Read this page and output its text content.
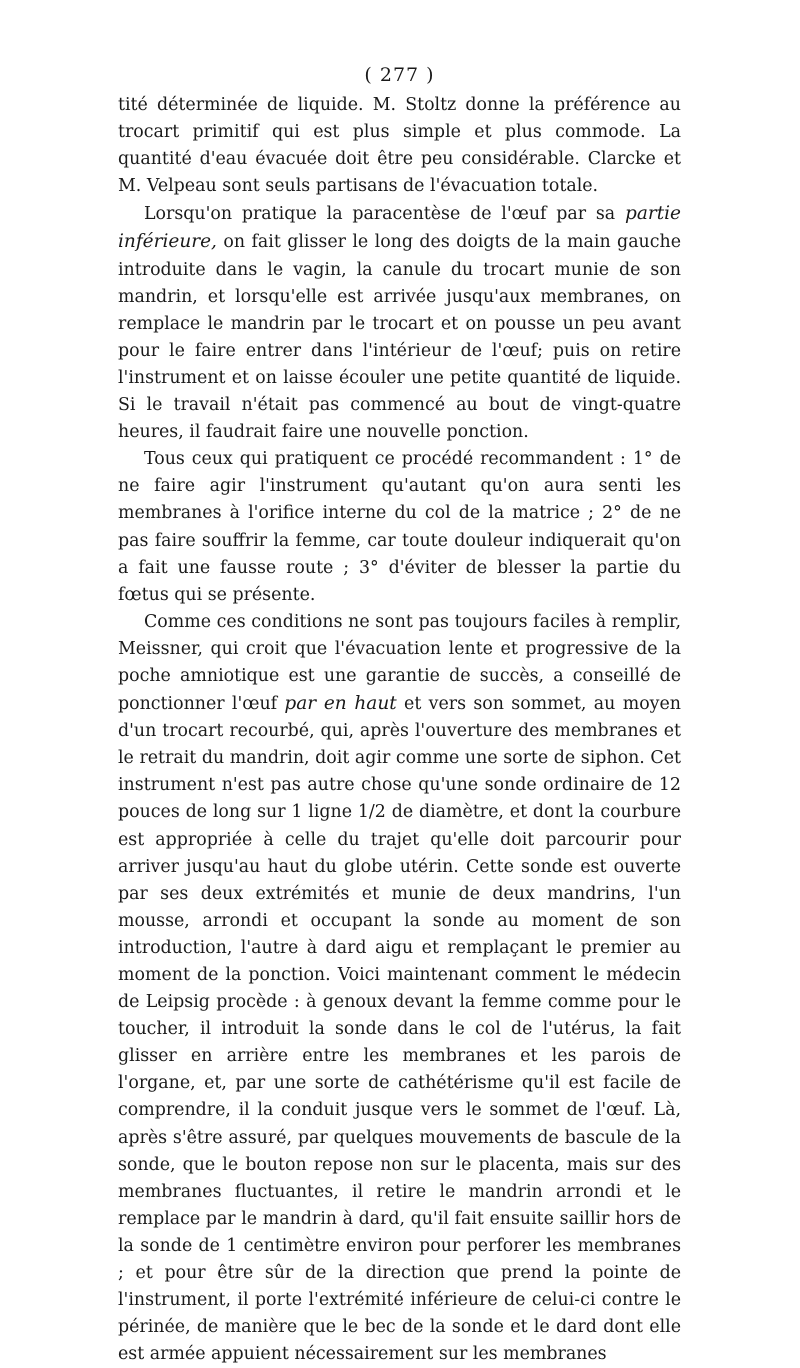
( 277 )

tité déterminée de liquide. M. Stoltz donne la préférence au trocart primitif qui est plus simple et plus commode. La quantité d'eau évacuée doit être peu considérable. Clarcke et M. Velpeau sont seuls partisans de l'évacuation totale.

Lorsqu'on pratique la paracentèse de l'œuf par sa partie inférieure, on fait glisser le long des doigts de la main gauche introduite dans le vagin, la canule du trocart munie de son mandrin, et lorsqu'elle est arrivée jusqu'aux membranes, on remplace le mandrin par le trocart et on pousse un peu avant pour le faire entrer dans l'intérieur de l'œuf; puis on retire l'instrument et on laisse écouler une petite quantité de liquide. Si le travail n'était pas commencé au bout de vingt-quatre heures, il faudrait faire une nouvelle ponction.

Tous ceux qui pratiquent ce procédé recommandent : 1° de ne faire agir l'instrument qu'autant qu'on aura senti les membranes à l'orifice interne du col de la matrice ; 2° de ne pas faire souffrir la femme, car toute douleur indiquerait qu'on a fait une fausse route ; 3° d'éviter de blesser la partie du fœtus qui se présente.

Comme ces conditions ne sont pas toujours faciles à remplir, Meissner, qui croit que l'évacuation lente et progressive de la poche amniotique est une garantie de succès, a conseillé de ponctionner l'œuf par en haut et vers son sommet, au moyen d'un trocart recourbé, qui, après l'ouverture des membranes et le retrait du mandrin, doit agir comme une sorte de siphon. Cet instrument n'est pas autre chose qu'une sonde ordinaire de 12 pouces de long sur 1 ligne 1/2 de diamètre, et dont la courbure est appropriée à celle du trajet qu'elle doit parcourir pour arriver jusqu'au haut du globe utérin. Cette sonde est ouverte par ses deux extrémités et munie de deux mandrins, l'un mousse, arrondi et occupant la sonde au moment de son introduction, l'autre à dard aigu et remplaçant le premier au moment de la ponction. Voici maintenant comment le médecin de Leipsig procède : à genoux devant la femme comme pour le toucher, il introduit la sonde dans le col de l'utérus, la fait glisser en arrière entre les membranes et les parois de l'organe, et, par une sorte de cathétérisme qu'il est facile de comprendre, il la conduit jusque vers le sommet de l'œuf. Là, après s'être assuré, par quelques mouvements de bascule de la sonde, que le bouton repose non sur le placenta, mais sur des membranes fluctuantes, il retire le mandrin arrondi et le remplace par le mandrin à dard, qu'il fait ensuite saillir hors de la sonde de 1 centimètre environ pour perforer les membranes ; et pour être sûr de la direction que prend la pointe de l'instrument, il porte l'extrémité inférieure de celui-ci contre le périnée, de manière que le bec de la sonde et le dard dont elle est armée appuient nécessairement sur les membranes
